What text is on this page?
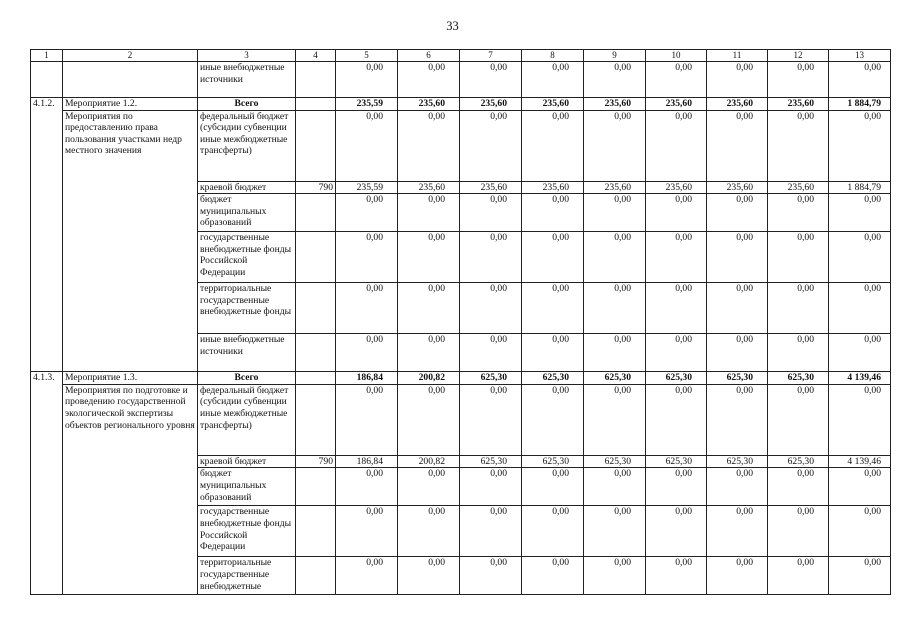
33
1	2	3	4	5	6	7	8	9	10	11	12	13
		иные внебюджетные источники		0,00	0,00	0,00	0,00	0,00	0,00	0,00	0,00	0,00
4.1.2.	Мероприятие 1.2.	Всего		235,59	235,60	235,60	235,60	235,60	235,60	235,60	235,60	1 884,79
	Мероприятия по предоставлению права пользования участками недр местного значения	федеральный бюджет (субсидии субвенции иные межбюджетные трансферты)		0,00	0,00	0,00	0,00	0,00	0,00	0,00	0,00	0,00
		краевой бюджет	790	235,59	235,60	235,60	235,60	235,60	235,60	235,60	235,60	1 884,79
		бюджет муниципальных образований		0,00	0,00	0,00	0,00	0,00	0,00	0,00	0,00	0,00
		государственные внебюджетные фонды Российской Федерации		0,00	0,00	0,00	0,00	0,00	0,00	0,00	0,00	0,00
		территориальные государственные внебюджетные фонды		0,00	0,00	0,00	0,00	0,00	0,00	0,00	0,00	0,00
		иные внебюджетные источники		0,00	0,00	0,00	0,00	0,00	0,00	0,00	0,00	0,00
4.1.3.	Мероприятие 1.3.	Всего		186,84	200,82	625,30	625,30	625,30	625,30	625,30	625,30	4 139,46
	Мероприятия по подготовке и проведению государственной экологической экспертизы объектов регионального уровня	федеральный бюджет (субсидии субвенции иные межбюджетные трансферты)		0,00	0,00	0,00	0,00	0,00	0,00	0,00	0,00	0,00
		краевой бюджет	790	186,84	200,82	625,30	625,30	625,30	625,30	625,30	625,30	4 139,46
		бюджет муниципальных образований		0,00	0,00	0,00	0,00	0,00	0,00	0,00	0,00	0,00
		государственные внебюджетные фонды Российской Федерации		0,00	0,00	0,00	0,00	0,00	0,00	0,00	0,00	0,00
		территориальные государственные внебюджетные		0,00	0,00	0,00	0,00	0,00	0,00	0,00	0,00	0,00
